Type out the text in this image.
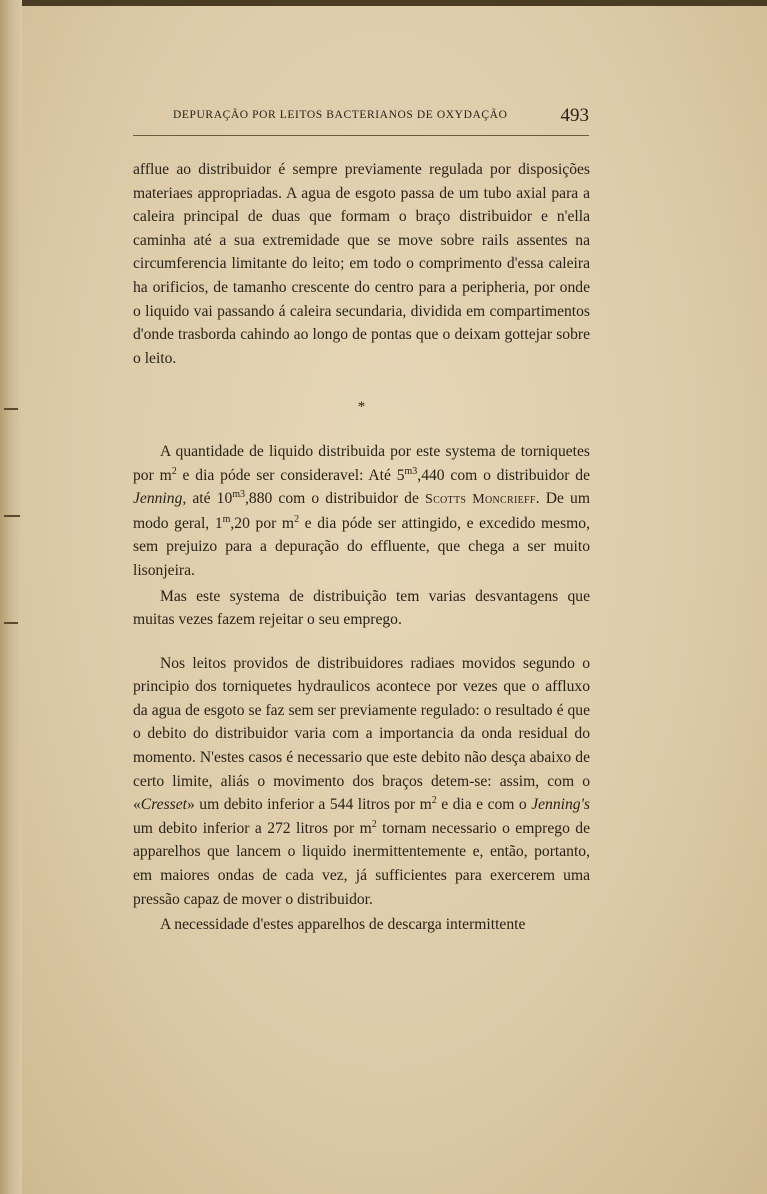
DEPURAÇÃO POR LEITOS BACTERIANOS DE OXYDAÇÃO	493

afflue ao distribuidor é sempre previamente regulada por disposições materiaes appropriadas. A agua de esgoto passa de um tubo axial para a caleira principal de duas que formam o braço distribuidor e n'ella caminha até a sua extremidade que se move sobre rails assentes na circumferencia limitante do leito; em todo o comprimento d'essa caleira ha orificios, de tamanho crescente do centro para a peripheria, por onde o liquido vai passando á caleira secundaria, dividida em compartimentos d'onde trasborda cahindo ao longo de pontas que o deixam gottejar sobre o leito.

*

A quantidade de liquido distribuida por este systema de torniquetes por $m^2$ e dia póde ser consideravel: Até $5^{m3},440$ com o distribuidor de Jenning, até $10^{m3},880$ com o distribuidor de Scotts Moncrieff. De um modo geral, 1$^m$,20 por $m^2$ e dia póde ser attingido, e excedido mesmo, sem prejuizo para a depuração do effluente, que chega a ser muito lisonjeira.

Mas este systema de distribuição tem varias desvantagens que muitas vezes fazem rejeitar o seu emprego.

Nos leitos providos de distribuidores radiaes movidos segundo o principio dos torniquetes hydraulicos acontece por vezes que o affluxo da agua de esgoto se faz sem ser previamente regulado: o resultado é que o debito do distribuidor varia com a importancia da onda residual do momento. N'estes casos é necessario que este debito não desça abaixo de certo limite, aliás o movimento dos braços detem-se: assim, com o «Cresset» um debito inferior a 544 litros por $m^2$ e dia e com o Jenning's um debito inferior a 272 litros por $m^2$ tornam necessario o emprego de apparelhos que lancem o liquido inermittentemente e, então, portanto, em maiores ondas de cada vez, já sufficientes para exercerem uma pressão capaz de mover o distribuidor.

A necessidade d'estes apparelhos de descarga intermittente
